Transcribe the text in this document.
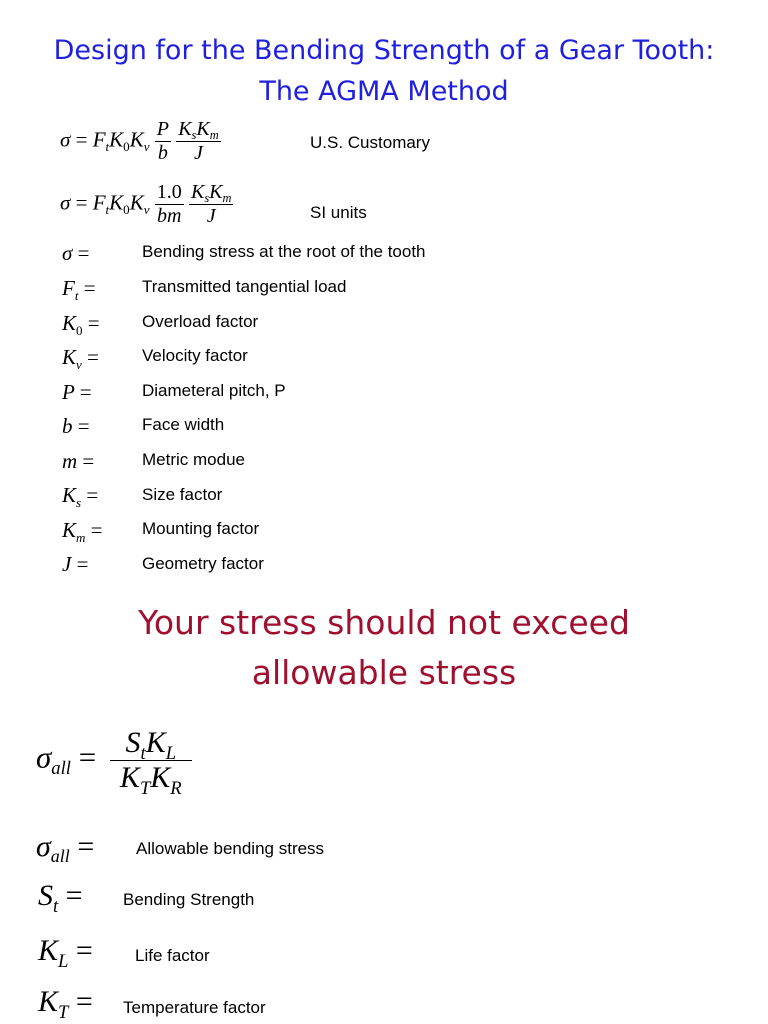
Design for the Bending Strength of a Gear Tooth:
The AGMA Method
$\sigma = F_tK_0K_v \frac{P}{b}$
$\frac{K_sK_m}{J}$	U.S. Customary
$\sigma = F_tK_0K_v \frac{1.0}{bm}$
$\frac{K_sK_m}{J}$	SI units
σ =	Bending stress at the root of the tooth
$F_t$ =	Transmitted tangential load
$K_0$ = Overload factor
$K_v$ =	Velocity factor
P =	Diameteral pitch, P
b =	Face width
m =	Metric modue
$K_s$ =	Size factor
$K_m$ = Mounting factor
J =	Geometry factor
Your stress should not exceed
allowable stress
$\sigma_{all} = \frac{S_tK_L}{K_TK_R}$
$\sigma_{all}$ = Allowable bending stress
$S_t$ = Bending Strength
$K_L$ = Life factor
$K_T$ = Temperature factor
